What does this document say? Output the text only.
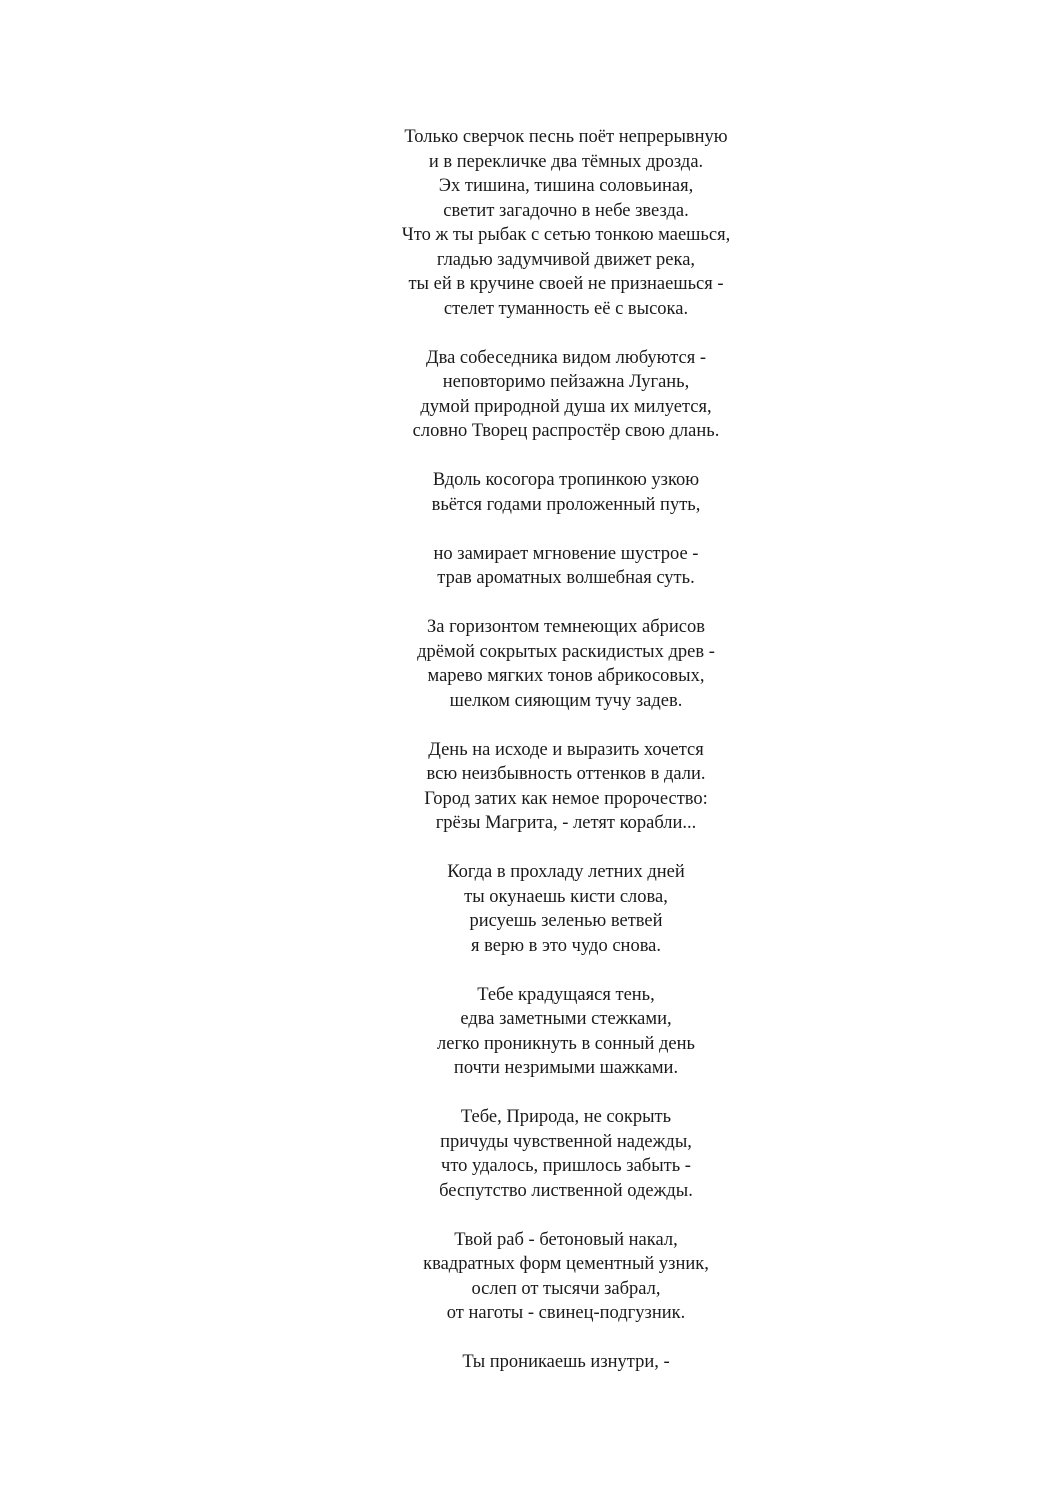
Только сверчок песнь поёт непрерывную
и в перекличке два тёмных дрозда.
Эх тишина, тишина соловьиная,
светит загадочно в небе звезда.
Что ж ты рыбак с сетью тонкою маешься,
гладью задумчивой движет река,
ты ей в кручине своей не признаешься -
стелет туманность её с высока.
Два собеседника видом любуются -
неповторимо пейзажна Лугань,
думой природной душа их милуется,
словно Творец распростёр свою длань.
Вдоль косогора тропинкою узкою
вьётся годами проложенный путь,
но замирает мгновение шустрое -
трав ароматных волшебная суть.
За горизонтом темнеющих абрисов
дрёмой сокрытых раскидистых древ -
марево мягких тонов абрикосовых,
шелком сияющим тучу задев.
День на исходе и выразить хочется
всю неизбывность оттенков в дали.
Город затих как немое пророчество:
грёзы Магрита, - летят корабли...
Когда в прохладу летних дней
ты окунаешь кисти слова,
рисуешь зеленью ветвей
я верю в это чудо снова.
Тебе крадущаяся тень,
едва заметными стежками,
легко проникнуть в сонный день
почти незримыми шажками.
Тебе, Природа, не сокрыть
причуды чувственной надежды,
что удалось, пришлось забыть -
беспутство лиственной одежды.
Твой раб - бетоновый накал,
квадратных форм цементный узник,
ослеп от тысячи забрал,
от наготы - свинец-подгузник.
Ты проникаешь изнутри, -
